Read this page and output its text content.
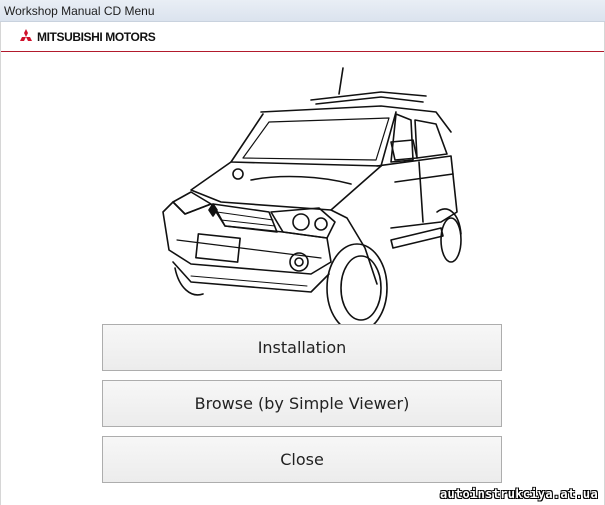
Workshop Manual CD Menu
MITSUBISHI MOTORS
Installation
Browse (by Simple Viewer)
Close
autoinstrukciya.at.ua
